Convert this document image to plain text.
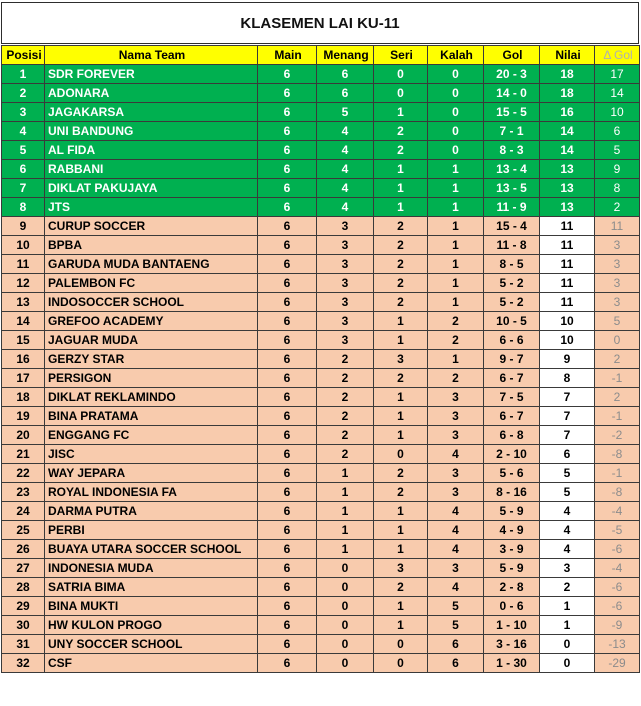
KLASEMEN LAI KU-11
Posisi	Nama Team	Main	Menang	Seri	Kalah	Gol	Nilai	Δ Gol
1	SDR FOREVER	6	6	0	0	20 - 3	18	17
2	ADONARA	6	6	0	0	14 - 0	18	14
3	JAGAKARSA	6	5	1	0	15 - 5	16	10
4	UNI BANDUNG	6	4	2	0	7 - 1	14	6
5	AL FIDA	6	4	2	0	8 - 3	14	5
6	RABBANI	6	4	1	1	13 - 4	13	9
7	DIKLAT PAKUJAYA	6	4	1	1	13 - 5	13	8
8	JTS	6	4	1	1	11 - 9	13	2
9	CURUP SOCCER	6	3	2	1	15 - 4	11	11
10	BPBA	6	3	2	1	11 - 8	11	3
11	GARUDA MUDA BANTAENG	6	3	2	1	8 - 5	11	3
12	PALEMBON FC	6	3	2	1	5 - 2	11	3
13	INDOSOCCER SCHOOL	6	3	2	1	5 - 2	11	3
14	GREFOO ACADEMY	6	3	1	2	10 - 5	10	5
15	JAGUAR MUDA	6	3	1	2	6 - 6	10	0
16	GERZY STAR	6	2	3	1	9 - 7	9	2
17	PERSIGON	6	2	2	2	6 - 7	8	-1
18	DIKLAT REKLAMINDO	6	2	1	3	7 - 5	7	2
19	BINA PRATAMA	6	2	1	3	6 - 7	7	-1
20	ENGGANG FC	6	2	1	3	6 - 8	7	-2
21	JISC	6	2	0	4	2 - 10	6	-8
22	WAY JEPARA	6	1	2	3	5 - 6	5	-1
23	ROYAL INDONESIA FA	6	1	2	3	8 - 16	5	-8
24	DARMA PUTRA	6	1	1	4	5 - 9	4	-4
25	PERBI	6	1	1	4	4 - 9	4	-5
26	BUAYA UTARA SOCCER SCHOOL	6	1	1	4	3 - 9	4	-6
27	INDONESIA MUDA	6	0	3	3	5 - 9	3	-4
28	SATRIA BIMA	6	0	2	4	2 - 8	2	-6
29	BINA MUKTI	6	0	1	5	0 - 6	1	-6
30	HW KULON PROGO	6	0	1	5	1 - 10	1	-9
31	UNY SOCCER SCHOOL	6	0	0	6	3 - 16	0	-13
32	CSF	6	0	0	6	1 - 30	0	-29
